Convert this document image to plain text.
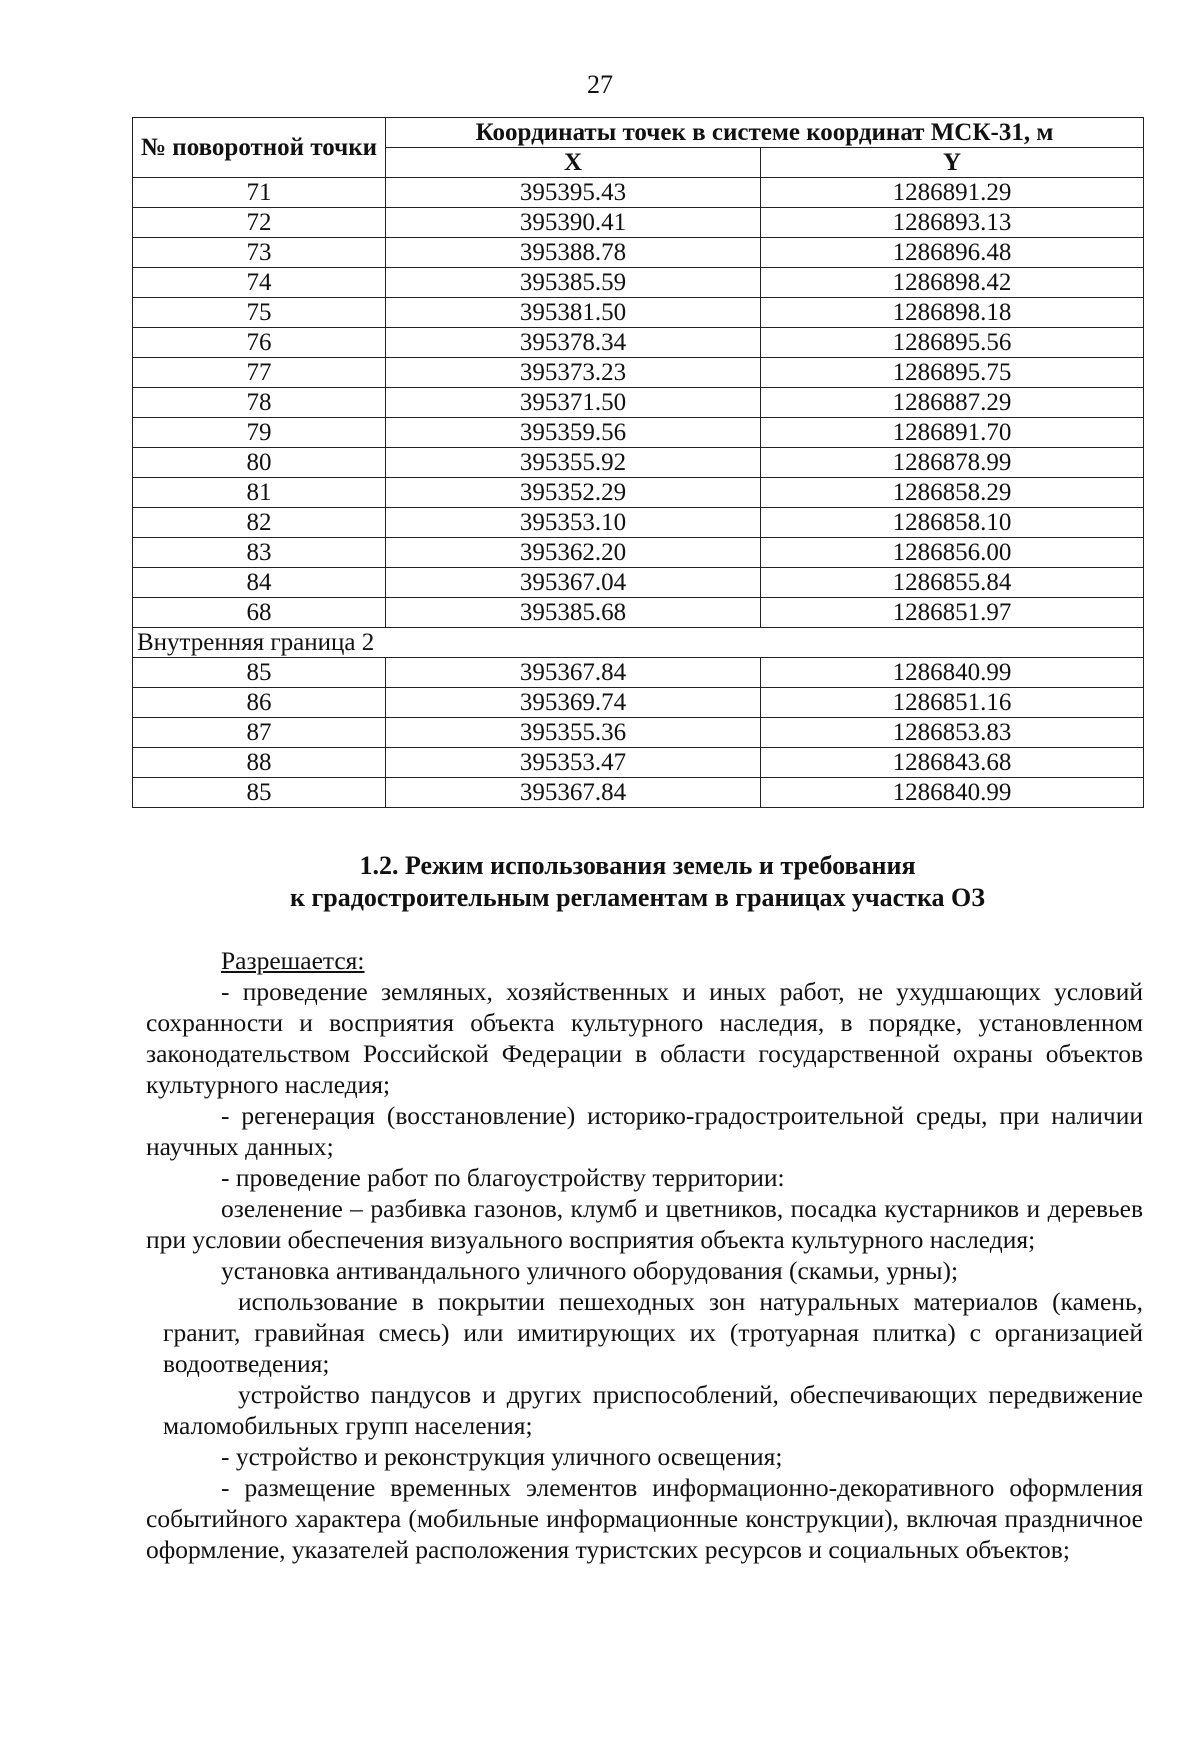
27
№ поворотной точки	Координаты точек в системе координат МСК-31, м	
	X	Y
71	395395.43	1286891.29
72	395390.41	1286893.13
73	395388.78	1286896.48
74	395385.59	1286898.42
75	395381.50	1286898.18
76	395378.34	1286895.56
77	395373.23	1286895.75
78	395371.50	1286887.29
79	395359.56	1286891.70
80	395355.92	1286878.99
81	395352.29	1286858.29
82	395353.10	1286858.10
83	395362.20	1286856.00
84	395367.04	1286855.84
68	395385.68	1286851.97
Внутренняя граница 2		
85	395367.84	1286840.99
86	395369.74	1286851.16
87	395355.36	1286853.83
88	395353.47	1286843.68
85	395367.84	1286840.99
1.2. Режим использования земель и требования
к градостроительным регламентам в границах участка ОЗ

Разрешается:

- проведение земляных, хозяйственных и иных работ, не ухудшающих условий сохранности и восприятия объекта культурного наследия, в порядке, установленном законодательством Российской Федерации в области государственной охраны объектов культурного наследия;

- регенерация (восстановление) историко-градостроительной среды, при наличии научных данных;

- проведение работ по благоустройству территории:

озеленение – разбивка газонов, клумб и цветников, посадка кустарников и деревьев при условии обеспечения визуального восприятия объекта культурного наследия;

установка антивандального уличного оборудования (скамьи, урны);

использование в покрытии пешеходных зон натуральных материалов (камень, гранит, гравийная смесь) или имитирующих их (тротуарная плитка) с организацией водоотведения;

устройство пандусов и других приспособлений, обеспечивающих передвижение маломобильных групп населения;

- устройство и реконструкция уличного освещения;

- размещение временных элементов информационно-декоративного оформления событийного характера (мобильные информационные конструкции), включая праздничное оформление, указателей расположения туристских ресурсов и социальных объектов;
